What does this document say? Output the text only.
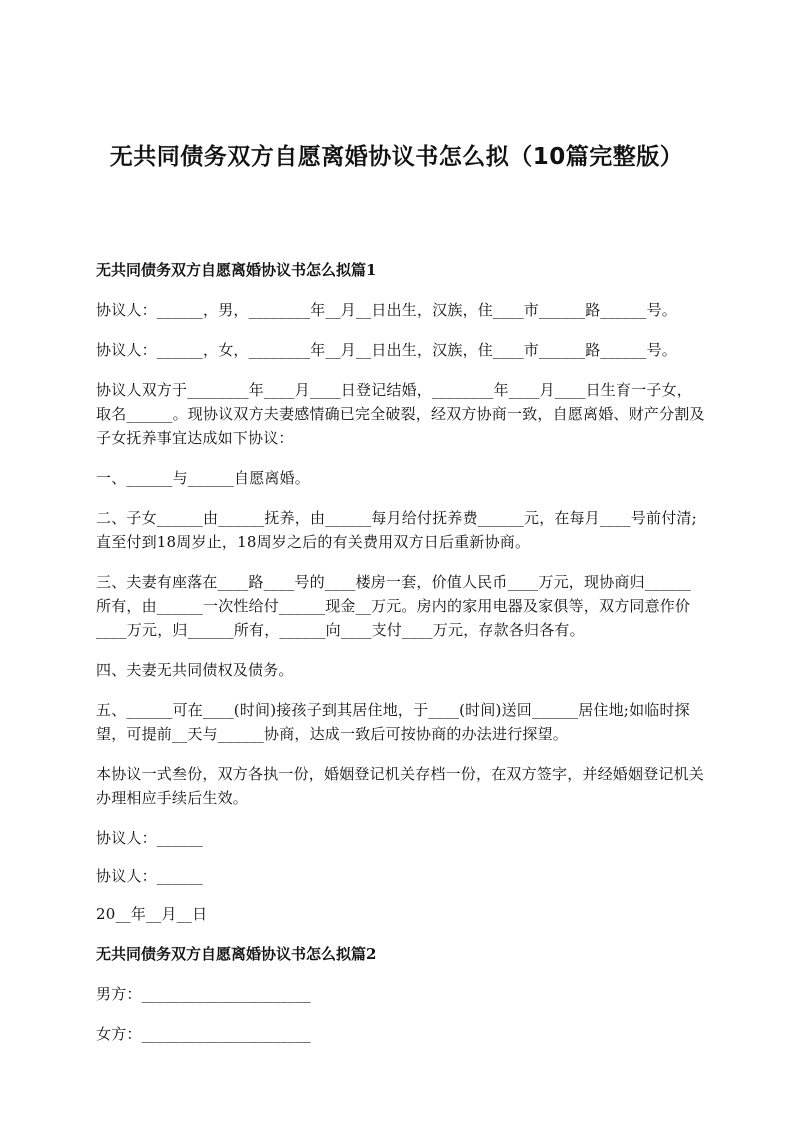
无共同债务双方自愿离婚协议书怎么拟（10篇完整版）
无共同债务双方自愿离婚协议书怎么拟篇1

协议人：______，男，________年__月__日出生，汉族，住____市______路______号。

协议人：______，女，________年__月__日出生，汉族，住____市______路______号。

协议人双方于________年____月____日登记结婚，________年____月____日生育一子女，取名______。现协议双方夫妻感情确已完全破裂，经双方协商一致，自愿离婚、财产分割及子女抚养事宜达成如下协议：

一、______与______自愿离婚。

二、子女______由______抚养，由______每月给付抚养费______元，在每月____号前付清;直至付到18周岁止，18周岁之后的有关费用双方日后重新协商。

三、夫妻有座落在____路____号的____楼房一套，价值人民币____万元，现协商归______所有，由______一次性给付______现金__万元。房内的家用电器及家俱等，双方同意作价____万元，归______所有，______向____支付____万元，存款各归各有。

四、夫妻无共同债权及债务。

五、______可在____(时间)接孩子到其居住地，于____(时间)送回______居住地;如临时探望，可提前__天与______协商，达成一致后可按协商的办法进行探望。

本协议一式叁份，双方各执一份，婚姻登记机关存档一份，在双方签字，并经婚姻登记机关办理相应手续后生效。

协议人：______

协议人：______

20__年__月__日

无共同债务双方自愿离婚协议书怎么拟篇2

男方：______________________

女方：______________________
